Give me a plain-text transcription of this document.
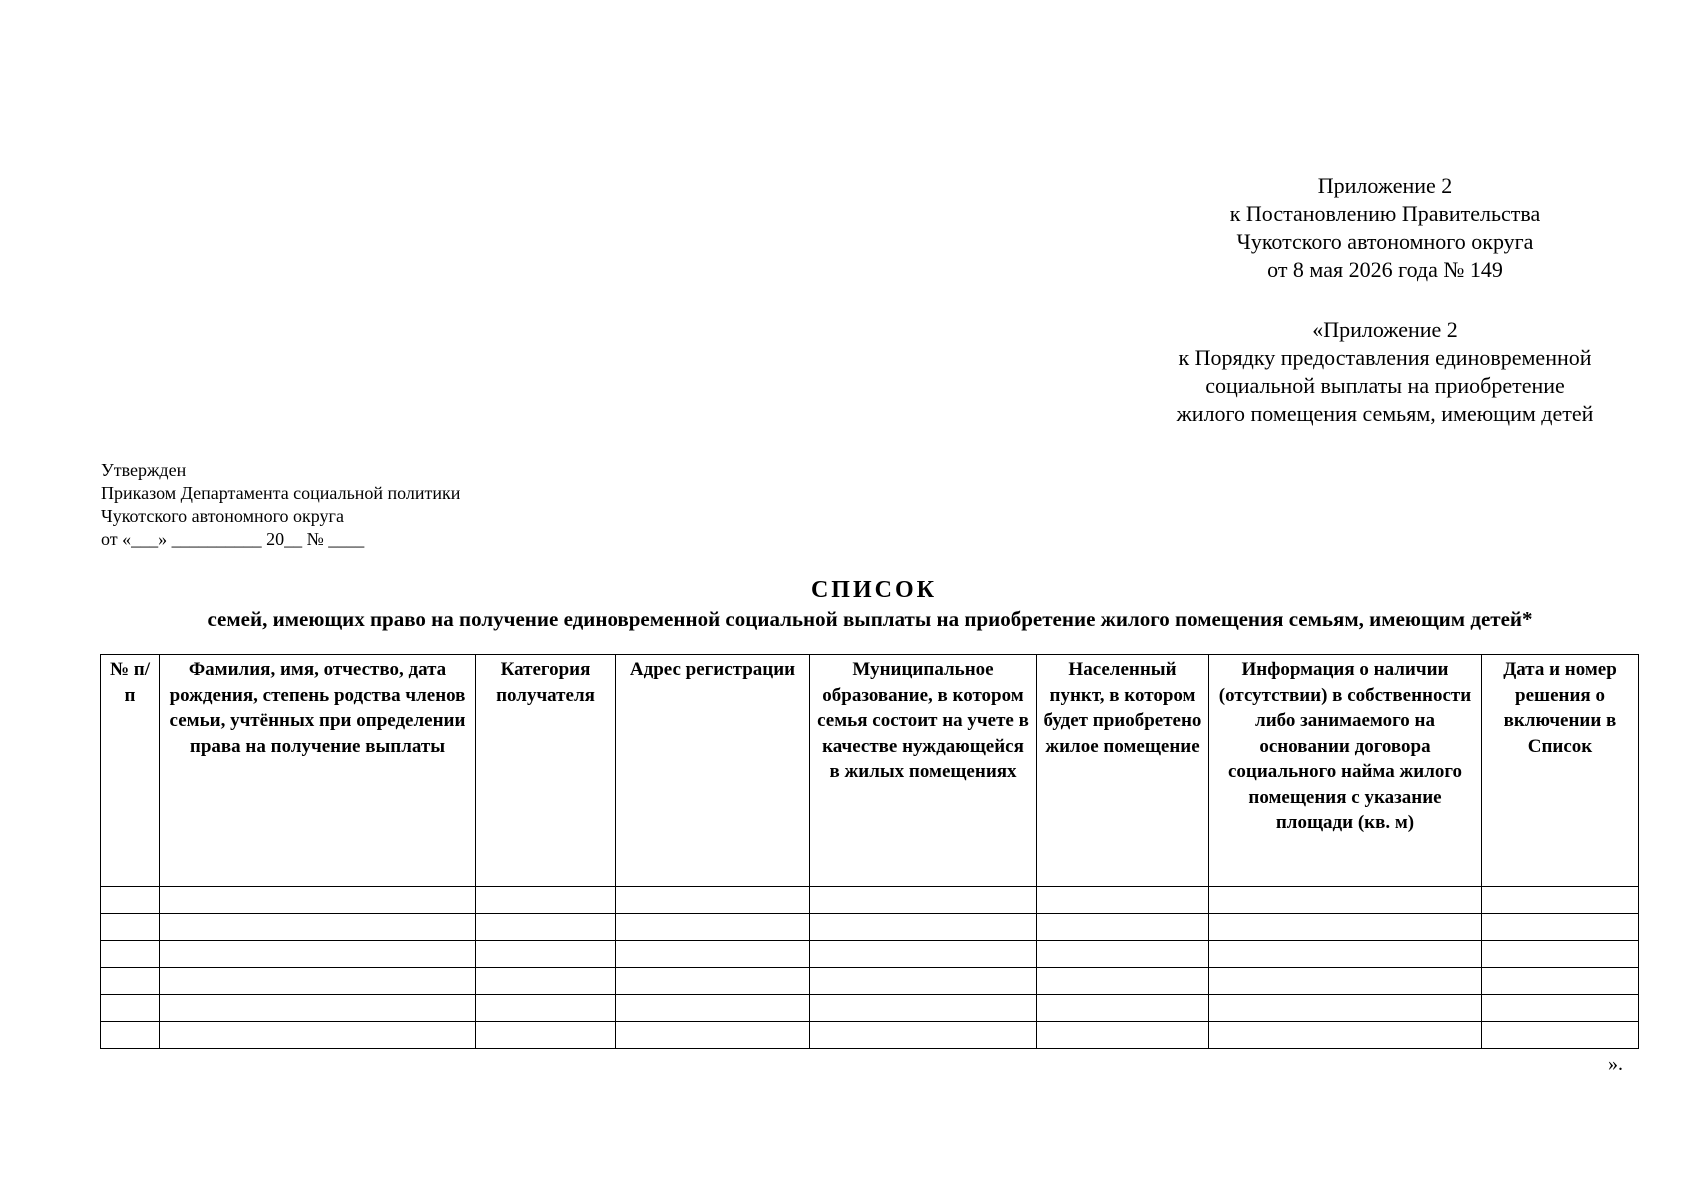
Приложение 2
к Постановлению Правительства
Чукотского автономного округа
от 8 мая 2026 года № 149
«Приложение 2
к Порядку предоставления единовременной
социальной выплаты на приобретение
жилого помещения семьям, имеющим детей
Утвержден
Приказом Департамента социальной политики
Чукотского автономного округа
от «___» __________ 20__ № ____
СПИСОК
семей, имеющих право на получение единовременной социальной выплаты на приобретение жилого помещения семьям, имеющим детей*
№ п/п	Фамилия, имя, отчество, дата рождения, степень родства членов семьи, учтённых при определении права на получение выплаты	Категория получателя	Адрес регистрации	Муниципальное образование, в котором семья состоит на учете в качестве нуждающейся в жилых помещениях	Населенный пункт, в котором будет приобретено жилое помещение	Информация о наличии (отсутствии) в собственности либо занимаемого на основании договора социального найма жилого помещения с указание площади (кв. м)	Дата и номер решения о включении в Список

».
